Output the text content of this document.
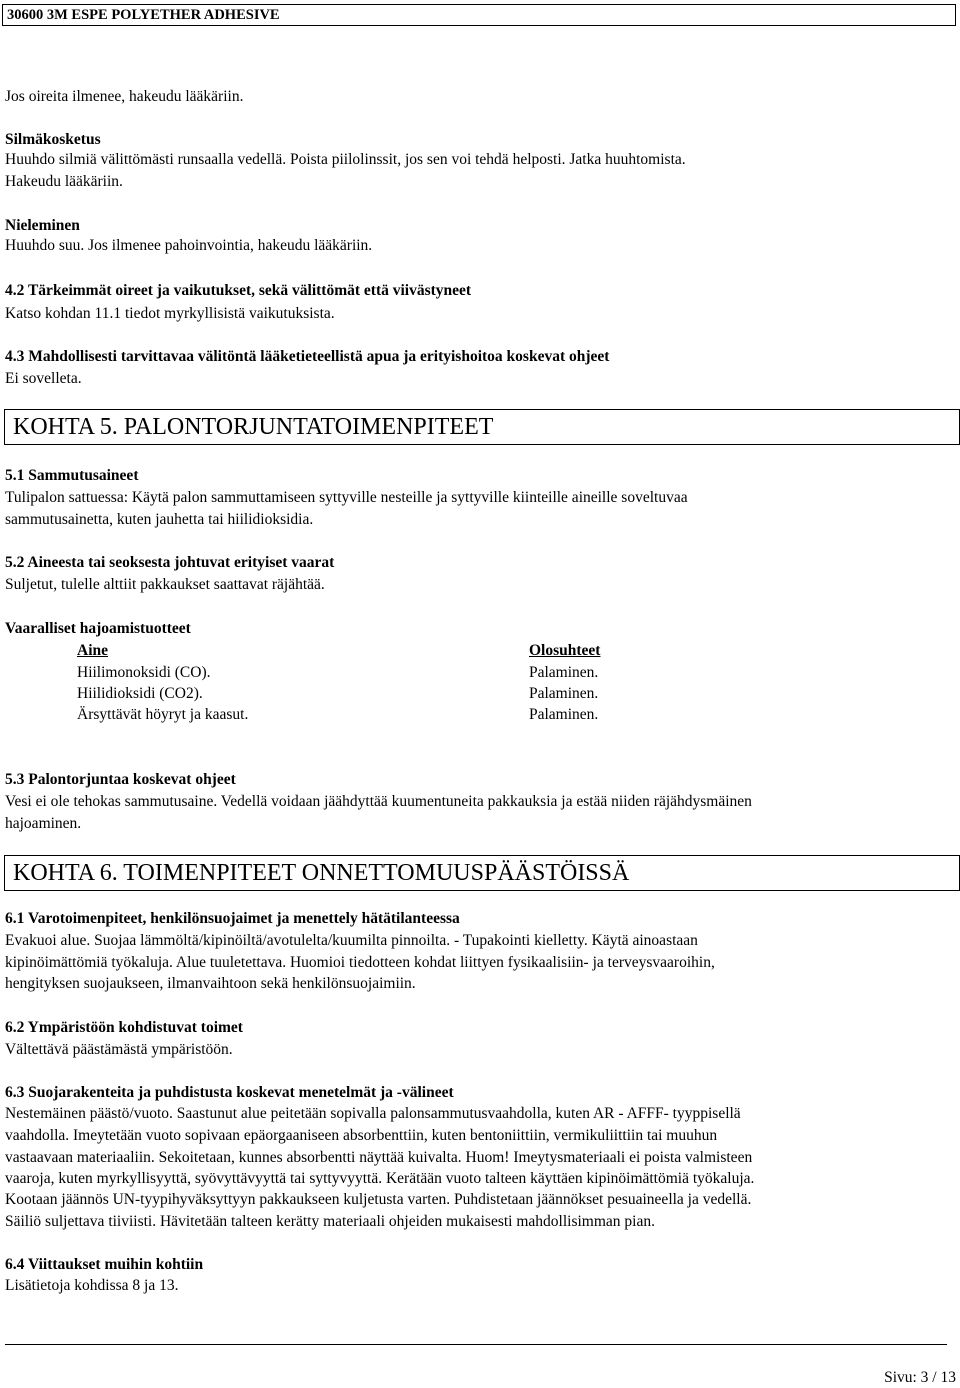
30600 3M ESPE POLYETHER ADHESIVE
Jos oireita ilmenee, hakeudu lääkäriin.
Silmäkosketus
Huuhdo silmiä välittömästi runsaalla vedellä. Poista piilolinssit, jos sen voi tehdä helposti. Jatka huuhtomista.
Hakeudu lääkäriin.
Nieleminen
Huuhdo suu. Jos ilmenee pahoinvointia, hakeudu lääkäriin.
4.2 Tärkeimmät oireet ja vaikutukset, sekä välittömät että viivästyneet
Katso kohdan 11.1 tiedot myrkyllisistä vaikutuksista.
4.3 Mahdollisesti tarvittavaa välitöntä lääketieteellistä apua ja erityishoitoa koskevat ohjeet
Ei sovelleta.
KOHTA 5. PALONTORJUNTATOIMENPITEET
5.1 Sammutusaineet
Tulipalon sattuessa: Käytä palon sammuttamiseen syttyville nesteille ja syttyville kiinteille aineille soveltuvaa
sammutusainetta, kuten jauhetta tai hiilidioksidia.
5.2 Aineesta tai seoksesta johtuvat erityiset vaarat
Suljetut, tulelle alttiit pakkaukset saattavat räjähtää.
Vaaralliset hajoamistuotteet
Aine	Olosuhteet
Hiilimonoksidi (CO).	Palaminen.
Hiilidioksidi (CO2).	Palaminen.
Ärsyttävät höyryt ja kaasut.	Palaminen.
5.3 Palontorjuntaa koskevat ohjeet
Vesi ei ole tehokas sammutusaine. Vedellä voidaan jäähdyttää kuumentuneita pakkauksia ja estää niiden räjähdysmäinen
hajoaminen.
KOHTA 6. TOIMENPITEET ONNETTOMUUSPÄÄSTÖISSÄ
6.1 Varotoimenpiteet, henkilönsuojaimet ja menettely hätätilanteessa
Evakuoi alue. Suojaa lämmöltä/kipinöiltä/avotulelta/kuumilta pinnoilta. - Tupakointi kielletty. Käytä ainoastaan
kipinöimättömiä työkaluja. Alue tuuletettava. Huomioi tiedotteen kohdat liittyen fysikaalisiin- ja terveysvaaroihin,
hengityksen suojaukseen, ilmanvaihtoon sekä henkilönsuojaimiin.
6.2 Ympäristöön kohdistuvat toimet
Vältettävä päästämästä ympäristöön.
6.3 Suojarakenteita ja puhdistusta koskevat menetelmät ja -välineet
Nestemäinen päästö/vuoto. Saastunut alue peitetään sopivalla palonsammutusvaahdolla, kuten AR - AFFF- tyyppisellä
vaahdolla. Imeytetään vuoto sopivaan epäorgaaniseen absorbenttiin, kuten bentoniittiin, vermikuliittiin tai muuhun
vastaavaan materiaaliin. Sekoitetaan, kunnes absorbentti näyttää kuivalta. Huom! Imeytysmateriaali ei poista valmisteen
vaaroja, kuten myrkyllisyyttä, syövyttävyyttä tai syttyvyyttä. Kerätään vuoto talteen käyttäen kipinöimättömiä työkaluja.
Kootaan jäännös UN-tyypihyväksyttyyn pakkaukseen kuljetusta varten. Puhdistetaan jäännökset pesuaineella ja vedellä.
Säiliö suljettava tiiviisti. Hävitetään talteen kerätty materiaali ohjeiden mukaisesti mahdollisimman pian.
6.4 Viittaukset muihin kohtiin
Lisätietoja kohdissa 8 ja 13.
Sivu: 3 / 13
